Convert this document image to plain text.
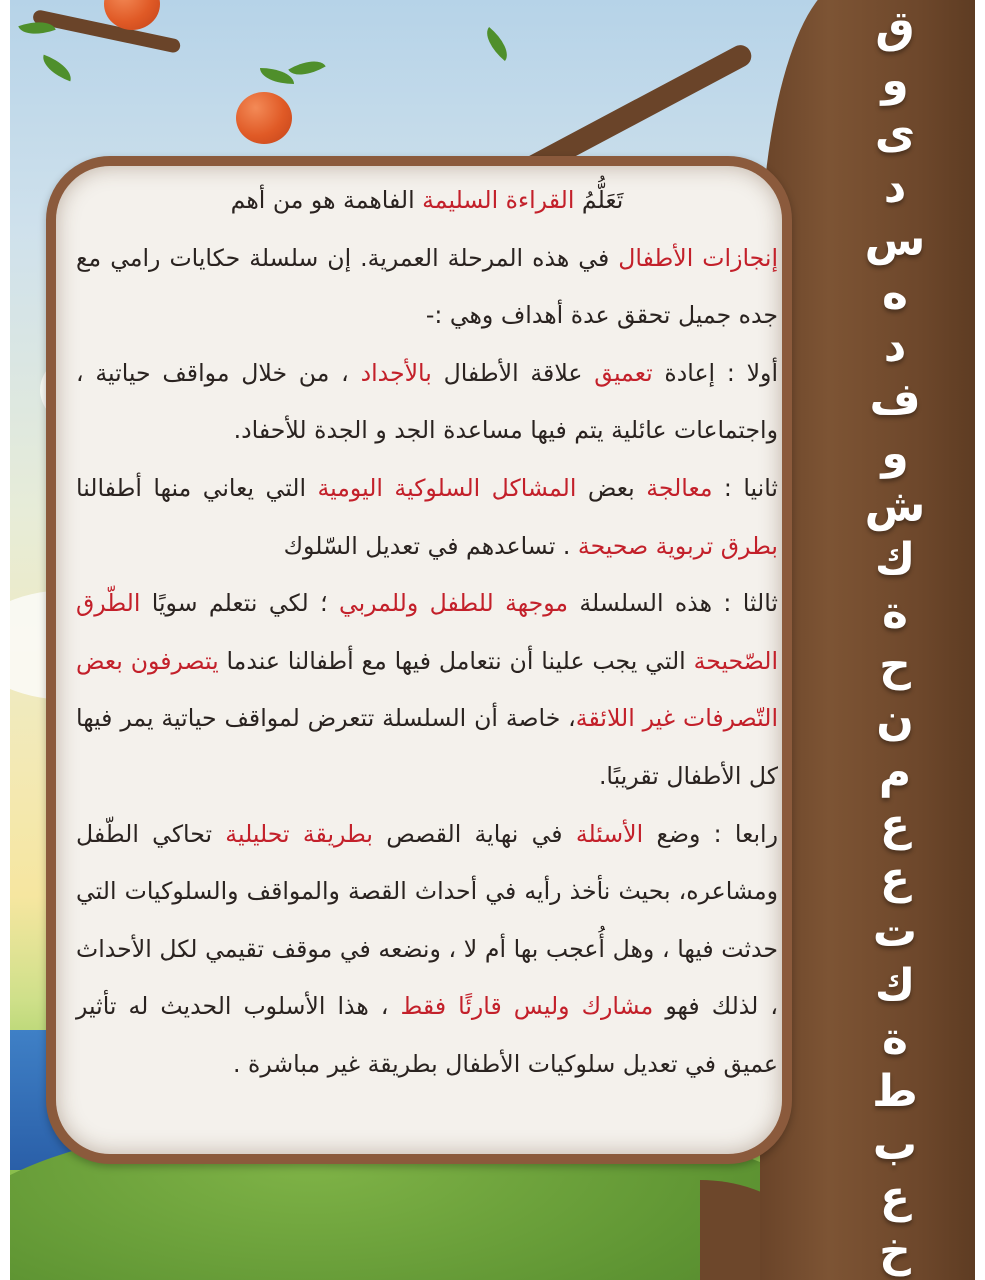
ق
و
ى
د
س
ه
د
ف
و
ش
ك
ة
ح
ن
م
ع
ع
ت
ك
ة
ط
ب
ع
خ

تَعَلُّمُ القراءة السليمة الفاهمة هو من أهم

إنجازات الأطفال في هذه المرحلة العمرية. إن سلسلة حكايات رامي مع جده جميل تحقق عدة أهداف وهي :-

أولا : إعادة تعميق علاقة الأطفال بالأجداد ، من خلال مواقف حياتية ، واجتماعات عائلية يتم فيها مساعدة الجد و الجدة للأحفاد.

ثانيا : معالجة بعض المشاكل السلوكية اليومية التي يعاني منها أطفالنا بطرق تربوية صحيحة . تساعدهم في تعديل السّلوك

ثالثا : هذه السلسلة موجهة للطفل وللمربي ؛ لكي نتعلم سويًا الطّرق الصّحيحة التي يجب علينا أن نتعامل فيها مع أطفالنا عندما يتصرفون بعض التّصرفات غير اللائقة، خاصة أن السلسلة تتعرض لمواقف حياتية يمر فيها كل الأطفال تقريبًا.

رابعا : وضع الأسئلة في نهاية القصص بطريقة تحليلية تحاكي الطّفل ومشاعره، بحيث نأخذ رأيه في أحداث القصة والمواقف والسلوكيات التي حدثت فيها ، وهل أُعجب بها أم لا ، ونضعه في موقف تقيمي لكل الأحداث ، لذلك فهو مشارك وليس قارئًا فقط ، هذا الأسلوب الحديث له تأثير عميق في تعديل سلوكيات الأطفال بطريقة غير مباشرة .
